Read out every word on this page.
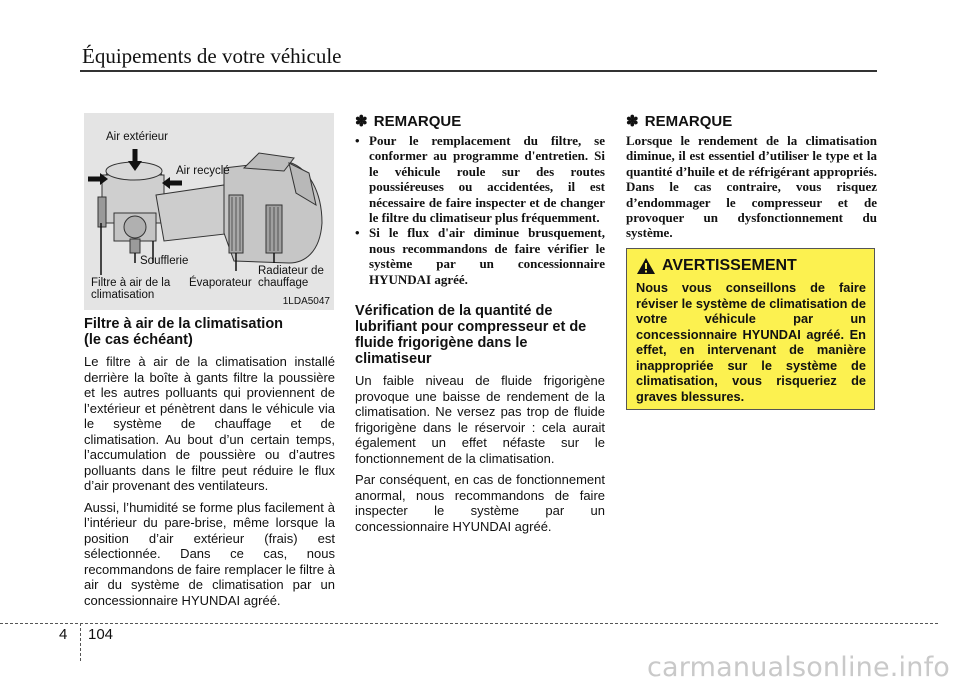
Équipements de votre véhicule
Air extérieur
Air recyclé
Soufflerie
Filtre à air de la
climatisation
Évaporateur
Radiateur de
chauffage
1LDA5047
Filtre à air de la climatisation
(le cas échéant)

Le filtre à air de la climatisation installé derrière la boîte à gants filtre la poussière et les autres polluants qui proviennent de l’extérieur et pénètrent dans le véhicule via le système de chauffage et de climatisation. Au bout d’un certain temps, l’accumulation de poussière ou d’autres polluants dans le filtre peut réduire le flux d’air provenant des ventilateurs.

Aussi, l’humidité se forme plus facilement à l’intérieur du pare-brise, même lorsque la position d’air extérieur (frais) est sélectionnée. Dans ce cas, nous recommandons de faire remplacer le filtre à air du système de climatisation par un concessionnaire HYUNDAI agréé.

✽ REMARQUE
• Pour le remplacement du filtre, se conformer au programme d'entretien. Si le véhicule roule sur des routes poussiéreuses ou accidentées, il est nécessaire de faire inspecter et de changer le filtre du climatiseur plus fréquemment.
• Si le flux d'air diminue brusquement, nous recommandons de faire vérifier le système par un concessionnaire HYUNDAI agréé.
Vérification de la quantité de lubrifiant pour compresseur et de fluide frigorigène dans le climatiseur

Un faible niveau de fluide frigorigène provoque une baisse de rendement de la climatisation. Ne versez pas trop de fluide frigorigène dans le réservoir : cela aurait également un effet néfaste sur le fonctionnement de la climatisation.

Par conséquent, en cas de fonctionnement anormal, nous recommandons de faire inspecter le système par un concessionnaire HYUNDAI agréé.

✽ REMARQUE
Lorsque le rendement de la climatisation diminue, il est essentiel d’utiliser le type et la quantité d’huile et de réfrigérant appropriés. Dans le cas contraire, vous risquez d’endommager le compresseur et de provoquer un dysfonctionnement du système.
AVERTISSEMENT

Nous vous conseillons de faire réviser le système de climatisation de votre véhicule par un concessionnaire HYUNDAI agréé. En effet, en intervenant de manière inappropriée sur le système de climatisation, vous risqueriez de graves blessures.

4 104
carmanualsonline.info
